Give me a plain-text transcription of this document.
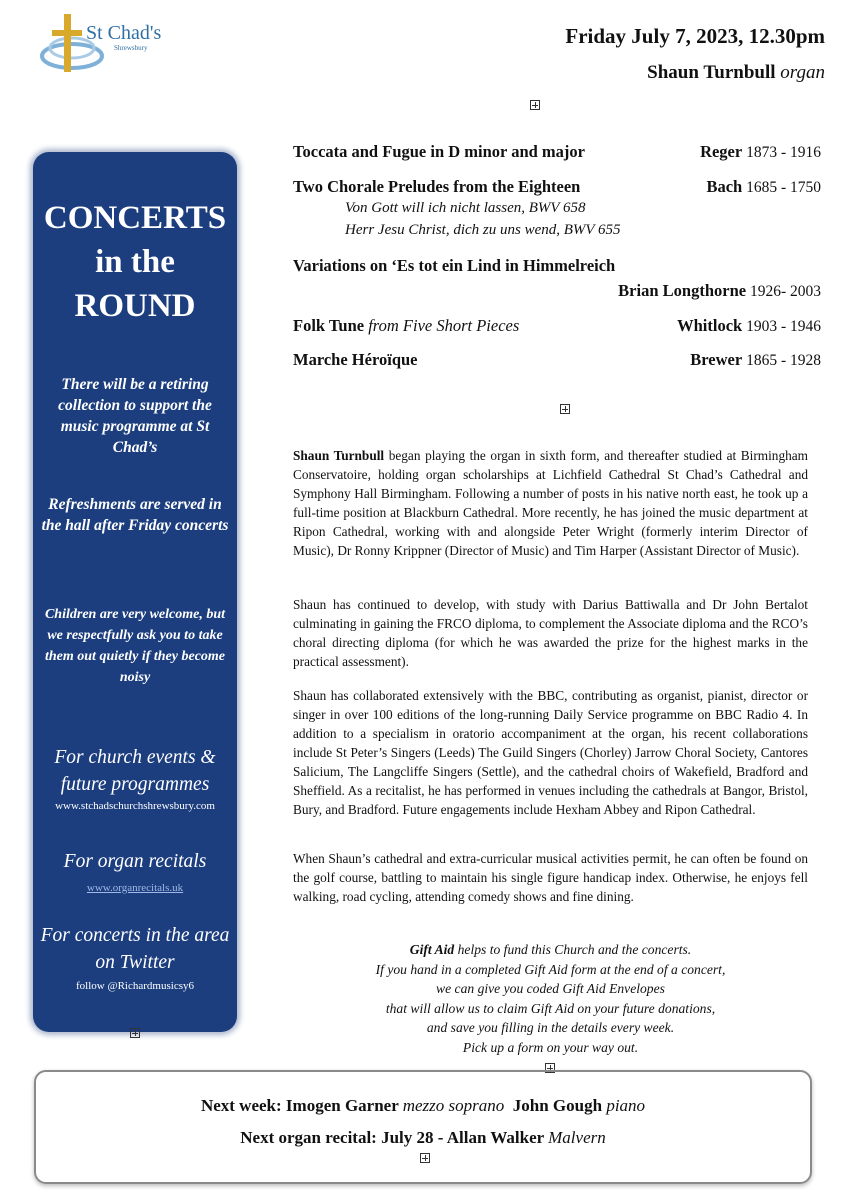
St Chad's
Shrewsbury	Friday July 7, 2023, 12.30pm
Shaun Turnbull organ
CONCERTS
in the
ROUND
There will be a retiring collection to support the music programme at St Chad’s
Refreshments are served in the hall after Friday concerts
Children are very welcome, but we respectfully ask you to take them out quietly if they become noisy
For church events & future programmes
www.stchadschurchshrewsbury.com
For organ recitals
www.organrecitals.uk
For concerts in the area on Twitter
follow @Richardmusicsy6
Toccata and Fugue in D minor and major	Reger 1873 - 1916
Two Chorale Preludes from the Eighteen	Bach 1685 - 1750
Von Gott will ich nicht lassen, BWV 658
Herr Jesu Christ, dich zu uns wend, BWV 655
Variations on ‘Es tot ein Lind in Himmelreich
Brian Longthorne 1926- 2003
Folk Tune from Five Short Pieces	Whitlock 1903 - 1946
Marche Héroïque	Brewer 1865 - 1928
Shaun Turnbull began playing the organ in sixth form, and thereafter studied at Birmingham Conservatoire, holding organ scholarships at Lichfield Cathedral St Chad’s Cathedral and Symphony Hall Birmingham. Following a number of posts in his native north east, he took up a full-time position at Blackburn Cathedral. More recently, he has joined the music department at Ripon Cathedral, working with and alongside Peter Wright (formerly interim Director of Music), Dr Ronny Krippner (Director of Music) and Tim Harper (Assistant Director of Music).
Shaun has continued to develop, with study with Darius Battiwalla and Dr John Bertalot culminating in gaining the FRCO diploma, to complement the Associate diploma and the RCO’s choral directing diploma (for which he was awarded the prize for the highest marks in the practical assessment).
Shaun has collaborated extensively with the BBC, contributing as organist, pianist, director or singer in over 100 editions of the long-running Daily Service programme on BBC Radio 4. In addition to a specialism in oratorio accompaniment at the organ, his recent collaborations include St Peter’s Singers (Leeds) The Guild Singers (Chorley) Jarrow Choral Society, Cantores Salicium, The Langcliffe Singers (Settle), and the cathedral choirs of Wakefield, Bradford and Sheffield. As a recitalist, he has performed in venues including the cathedrals at Bangor, Bristol, Bury, and Bradford. Future engagements include Hexham Abbey and Ripon Cathedral.
When Shaun’s cathedral and extra-curricular musical activities permit, he can often be found on the golf course, battling to maintain his single figure handicap index. Otherwise, he enjoys fell walking, road cycling, attending comedy shows and fine dining.
Gift Aid helps to fund this Church and the concerts.
If you hand in a completed Gift Aid form at the end of a concert,
we can give you coded Gift Aid Envelopes
that will allow us to claim Gift Aid on your future donations,
and save you filling in the details every week.
Pick up a form on your way out.
Next week: Imogen Garner mezzo soprano  John Gough piano
Next organ recital: July 28 - Allan Walker Malvern
